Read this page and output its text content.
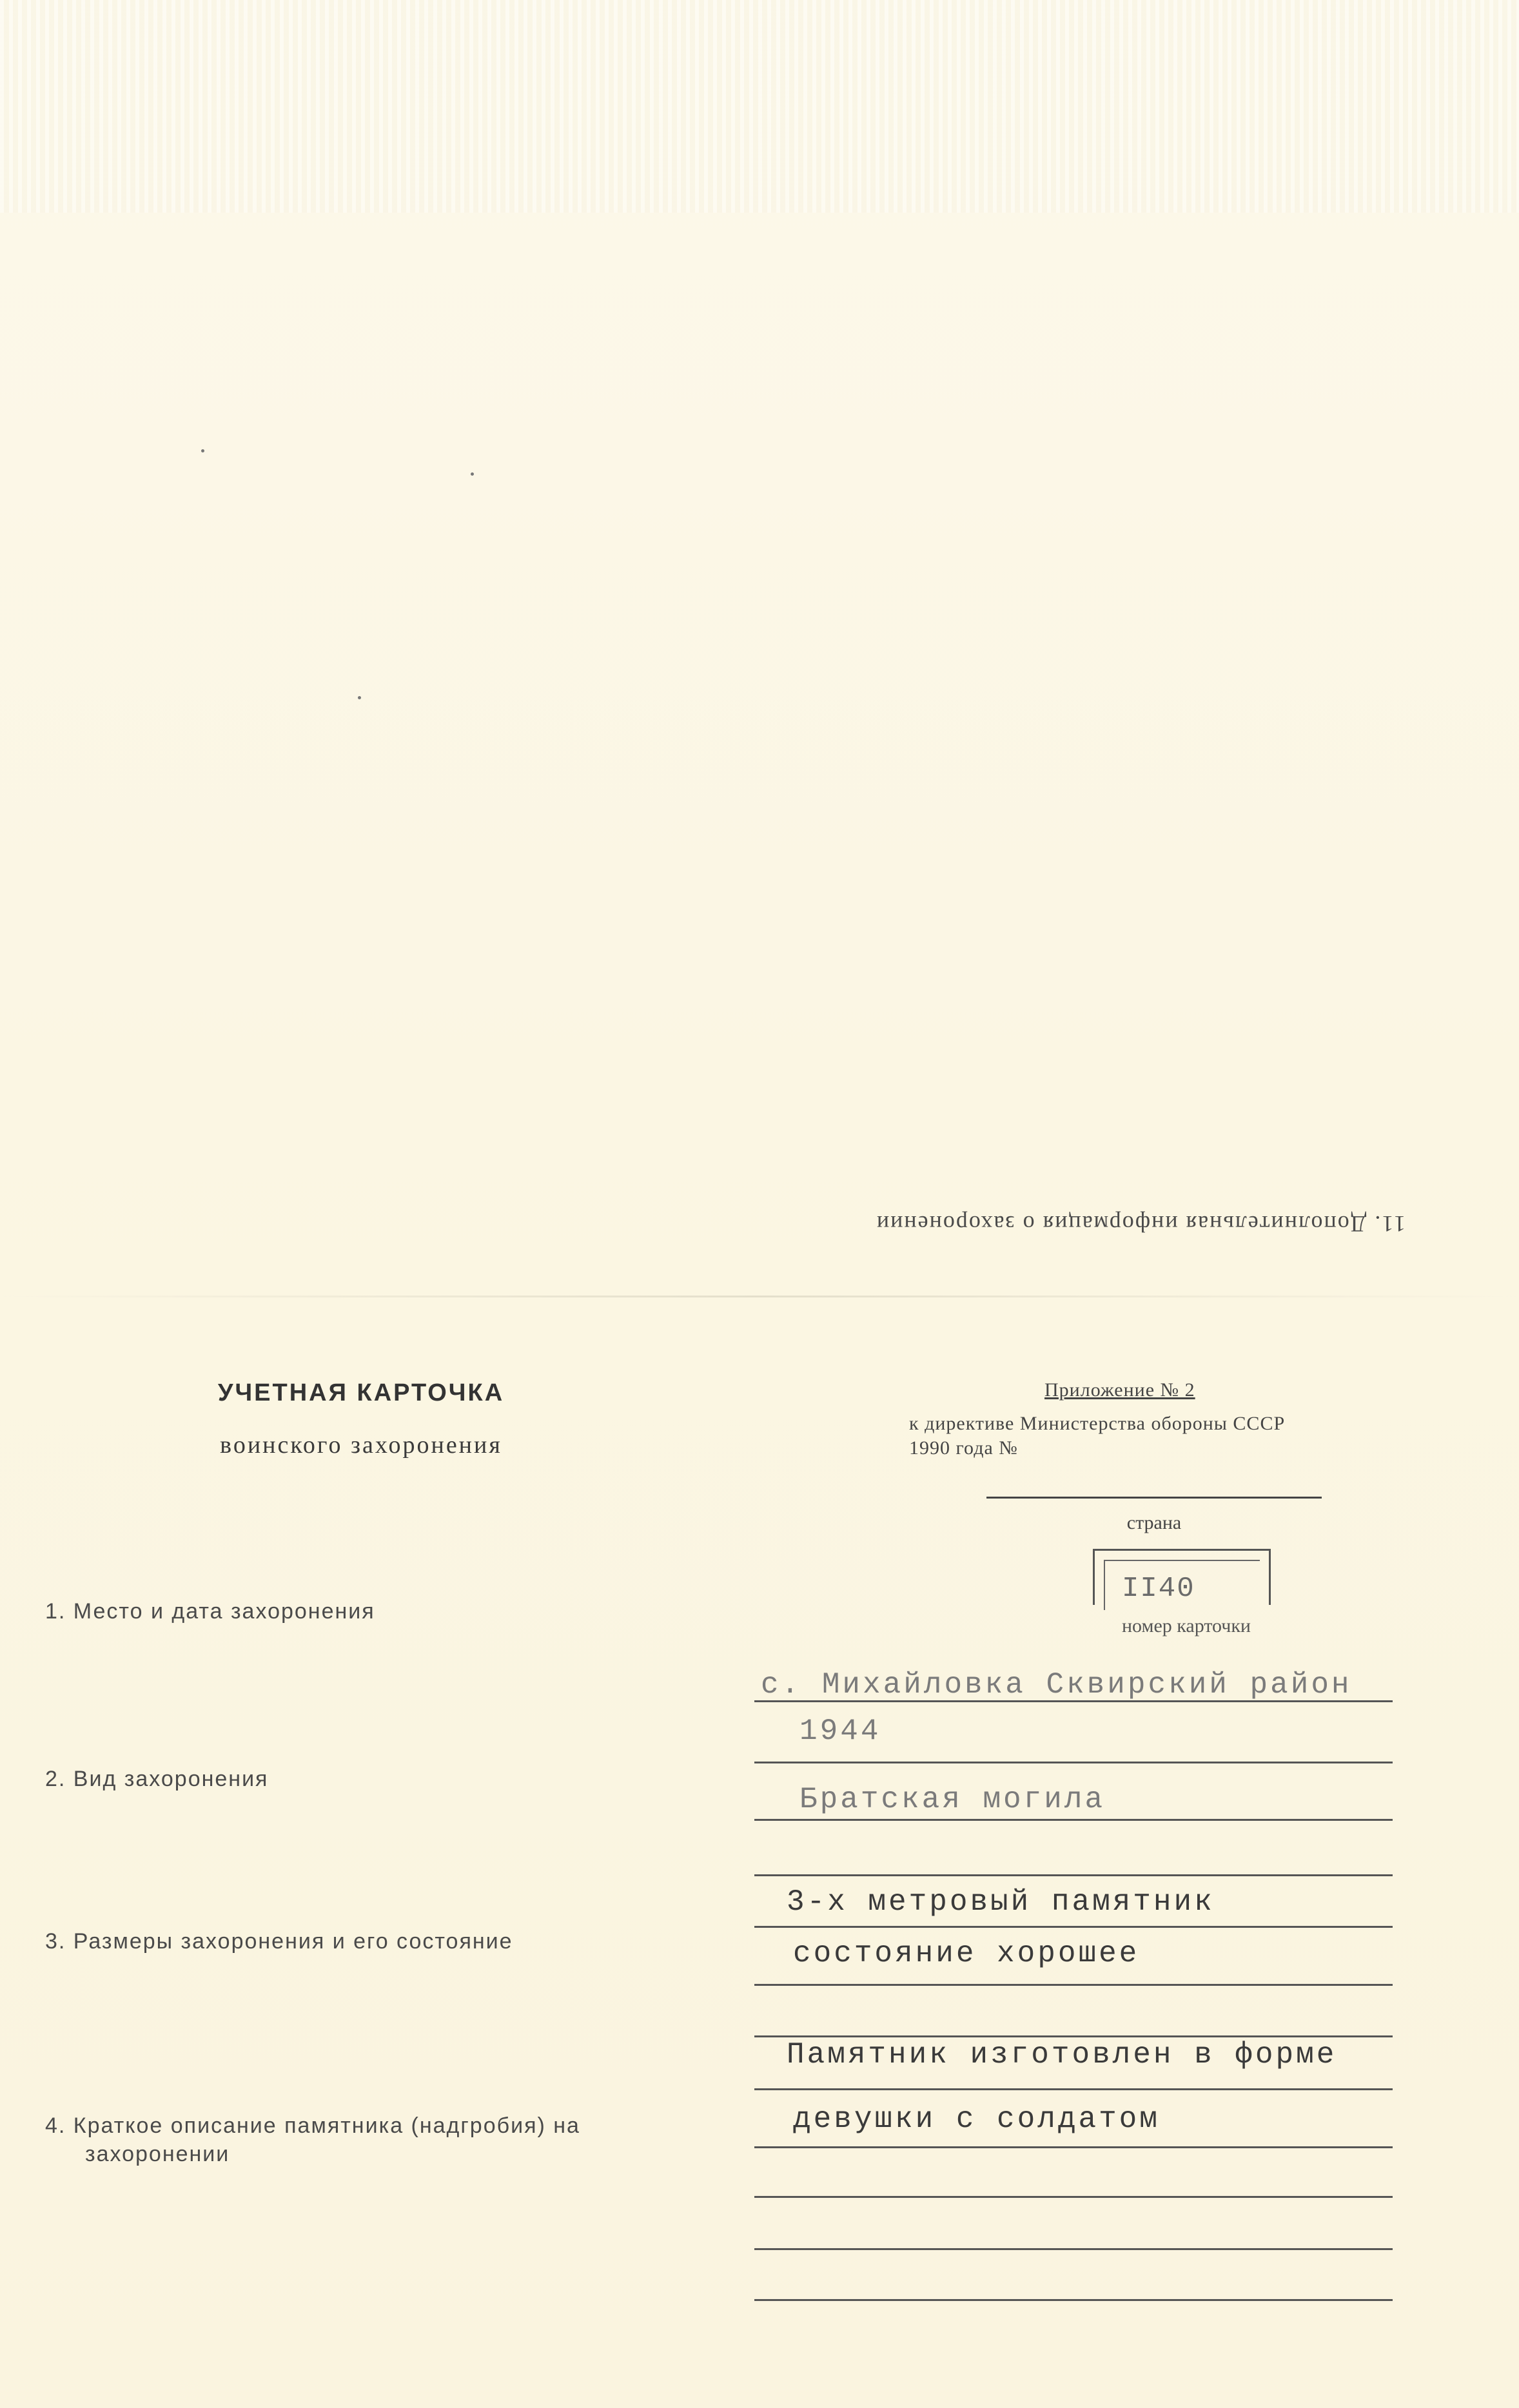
11. Дополнительная информация о захоронении
УЧЕТНАЯ КАРТОЧКА
воинского захоронения
Приложение № 2
к директиве Министерства обороны СССР
1990 года №
страна
II40
номер карточки
1. Место и дата захоронения
2. Вид захоронения
3. Размеры захоронения и его состояние
4. Краткое описание памятника (надгробия) на
захоронении
с. Михайловка Сквирский район
1944
Братская могила
3-х метровый памятник
состояние хорошее
Памятник изготовлен в форме
девушки с солдатом
